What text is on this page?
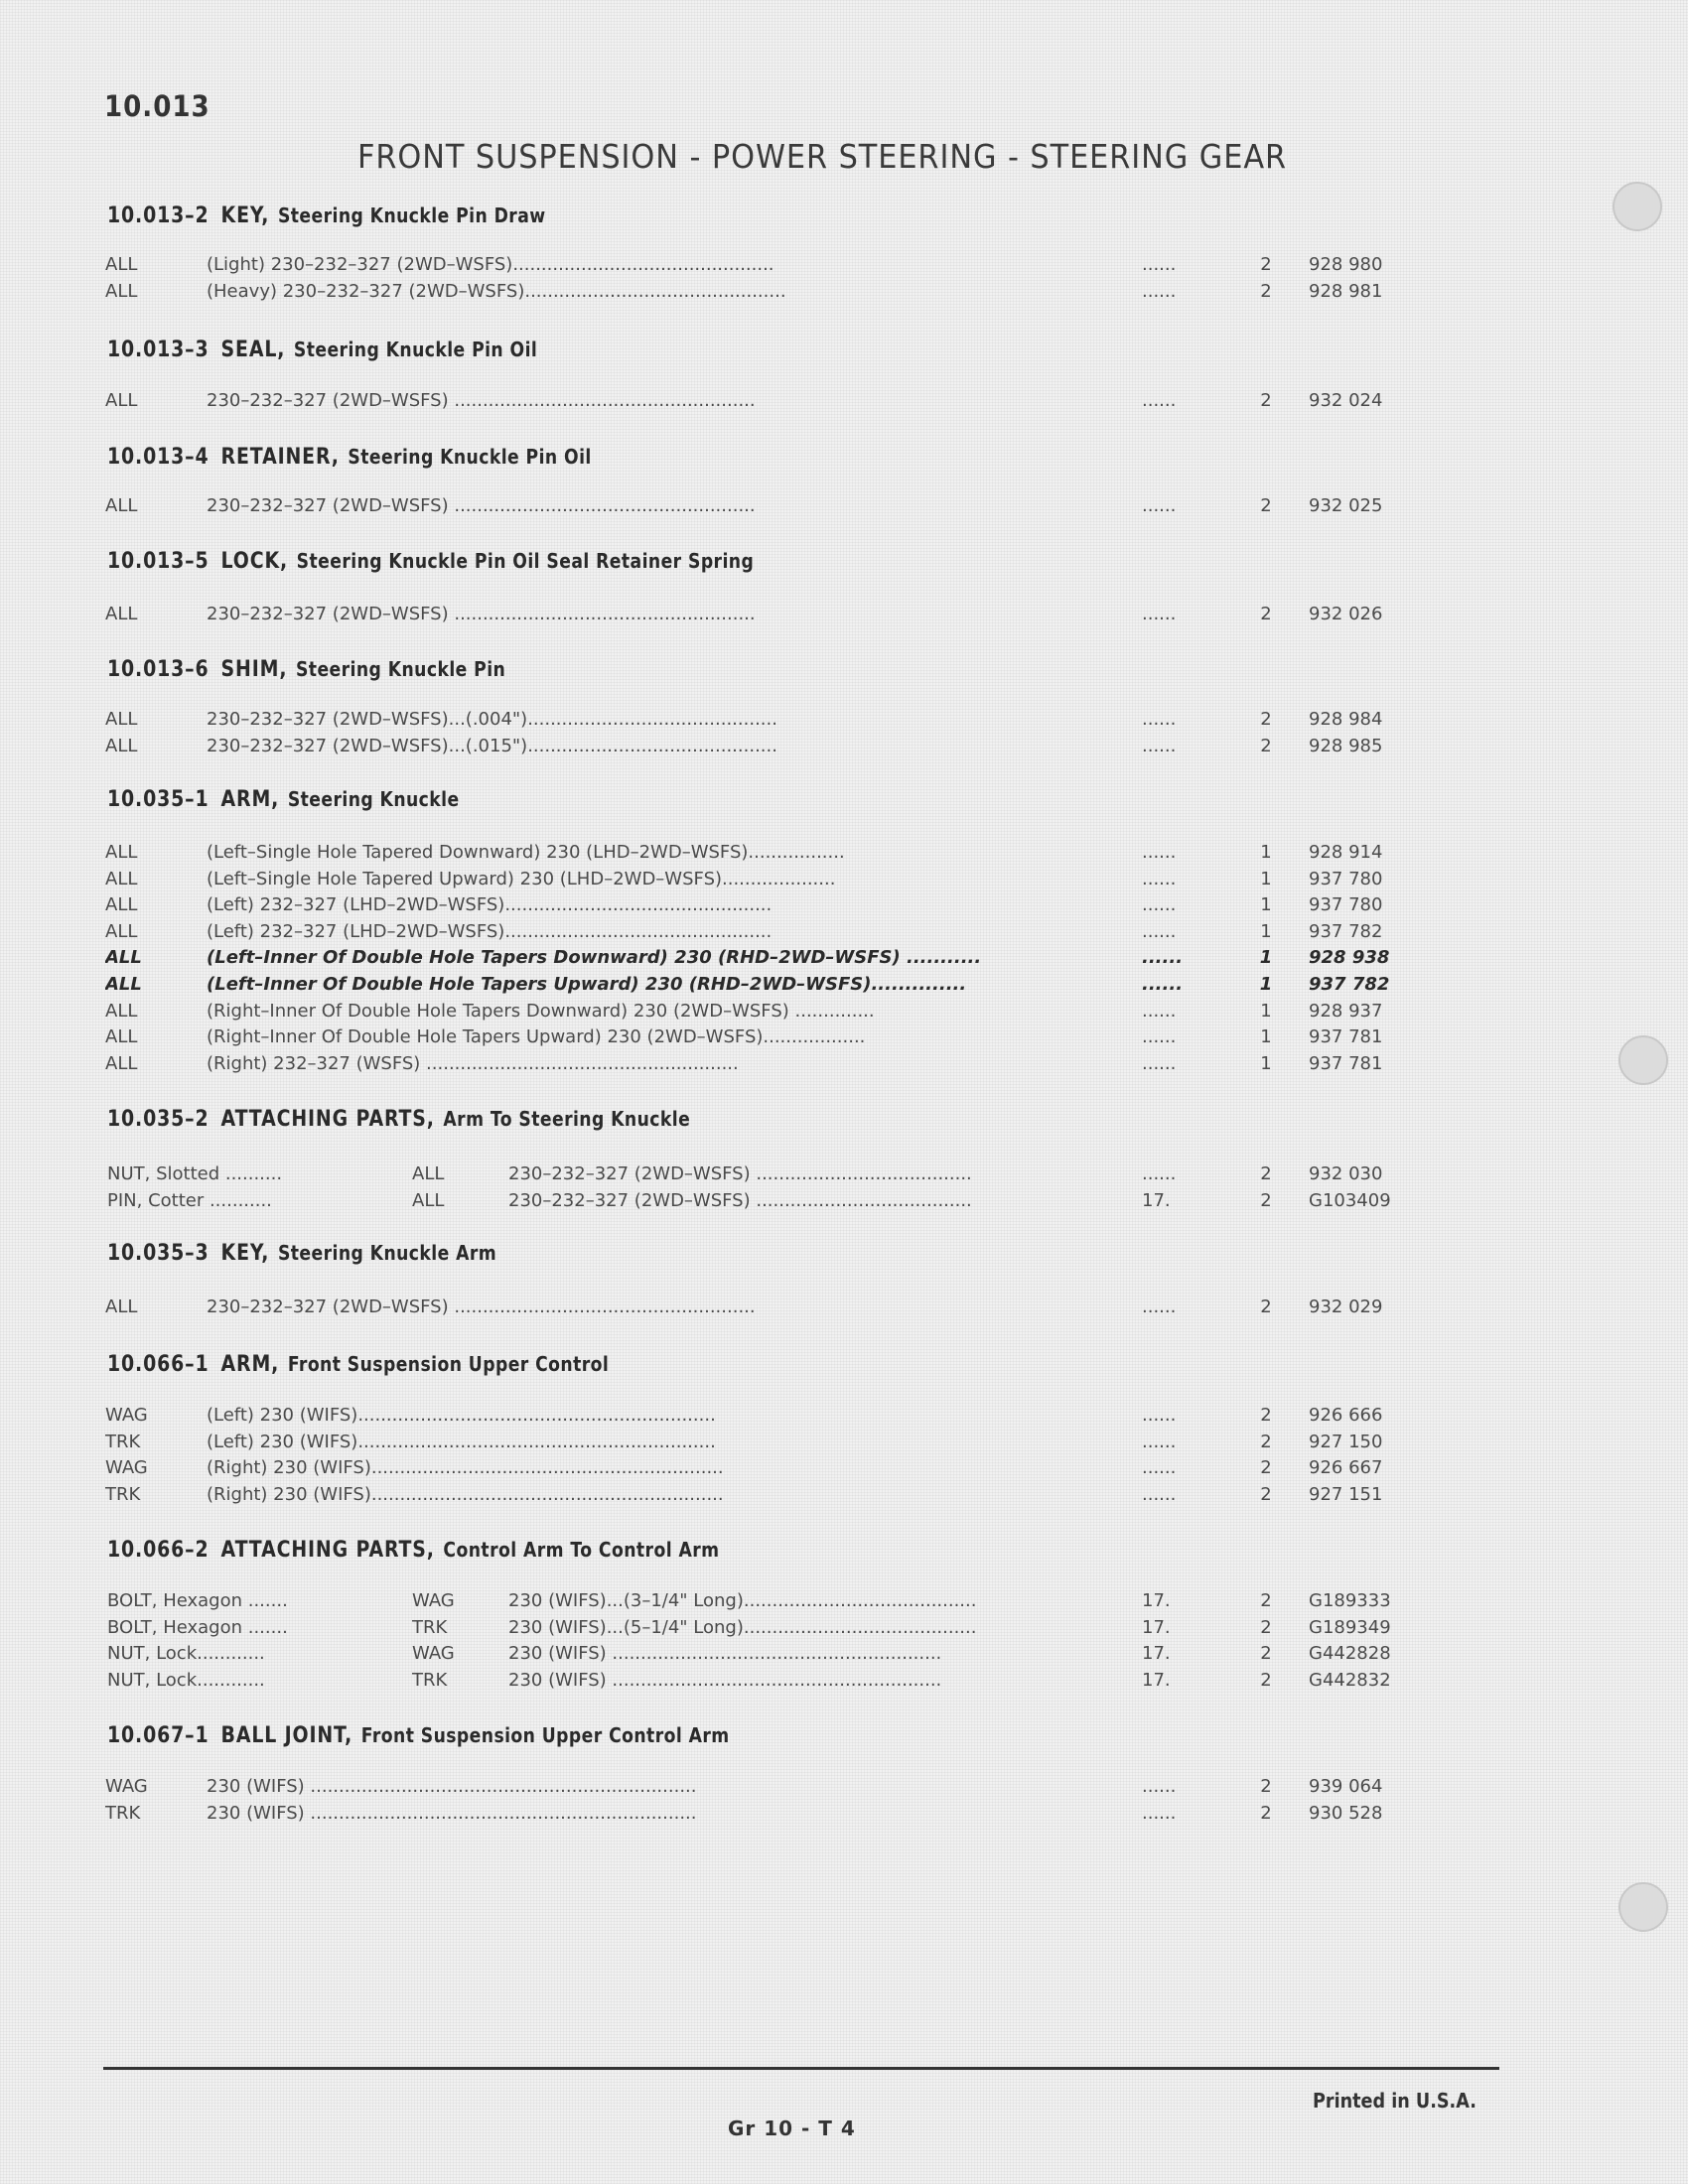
10.013
FRONT SUSPENSION - POWER STEERING - STEERING GEAR
10.013–2 KEY, Steering Knuckle Pin Draw
ALL	(Light) 230–232–327 (2WD–WSFS)..............................................	......	2	928 980
ALL	(Heavy) 230–232–327 (2WD–WSFS)..............................................	......	2	928 981
10.013–3 SEAL, Steering Knuckle Pin Oil
ALL	230–232–327 (2WD–WSFS) .....................................................	......	2	932 024
10.013–4 RETAINER, Steering Knuckle Pin Oil
ALL	230–232–327 (2WD–WSFS) .....................................................	......	2	932 025
10.013–5 LOCK, Steering Knuckle Pin Oil Seal Retainer Spring
ALL	230–232–327 (2WD–WSFS) .....................................................	......	2	932 026
10.013–6 SHIM, Steering Knuckle Pin
ALL	230–232–327 (2WD–WSFS)...(.004")............................................	......	2	928 984
ALL	230–232–327 (2WD–WSFS)...(.015")............................................	......	2	928 985
10.035–1 ARM, Steering Knuckle
ALL	(Left–Single Hole Tapered Downward) 230 (LHD–2WD–WSFS).................	......	1	928 914
ALL	(Left–Single Hole Tapered Upward) 230 (LHD–2WD–WSFS)....................	......	1	937 780
ALL	(Left) 232–327 (LHD–2WD–WSFS)...............................................	......	1	937 780
ALL	(Left) 232–327 (LHD–2WD–WSFS)...............................................	......	1	937 782
ALL	(Left–Inner Of Double Hole Tapers Downward) 230 (RHD–2WD–WSFS) ...........	......	1	928 938
ALL	(Left–Inner Of Double Hole Tapers Upward) 230 (RHD–2WD–WSFS)..............	......	1	937 782
ALL	(Right–Inner Of Double Hole Tapers Downward) 230 (2WD–WSFS) ..............	......	1	928 937
ALL	(Right–Inner Of Double Hole Tapers Upward) 230 (2WD–WSFS)..................	......	1	937 781
ALL	(Right) 232–327 (WSFS) .......................................................	......	1	937 781
10.035–2 ATTACHING PARTS, Arm To Steering Knuckle
NUT, Slotted ..........	ALL	230–232–327 (2WD–WSFS) ......................................	......	2	932 030
PIN, Cotter ...........	ALL	230–232–327 (2WD–WSFS) ......................................	17.	2	G103409
10.035–3 KEY, Steering Knuckle Arm
ALL	230–232–327 (2WD–WSFS) .....................................................	......	2	932 029
10.066–1 ARM, Front Suspension Upper Control
WAG	(Left) 230 (WIFS)...............................................................	......	2	926 666
TRK	(Left) 230 (WIFS)...............................................................	......	2	927 150
WAG	(Right) 230 (WIFS)..............................................................	......	2	926 667
TRK	(Right) 230 (WIFS)..............................................................	......	2	927 151
10.066–2 ATTACHING PARTS, Control Arm To Control Arm
BOLT, Hexagon .......	WAG	230 (WIFS)...(3–1/4" Long).........................................	17.	2	G189333
BOLT, Hexagon .......	TRK	230 (WIFS)...(5–1/4" Long).........................................	17.	2	G189349
NUT, Lock............	WAG	230 (WIFS) ..........................................................	17.	2	G442828
NUT, Lock............	TRK	230 (WIFS) ..........................................................	17.	2	G442832
10.067–1 BALL JOINT, Front Suspension Upper Control Arm
WAG	230 (WIFS) ....................................................................	......	2	939 064
TRK	230 (WIFS) ....................................................................	......	2	930 528
Printed in U.S.A.
Gr 10 - T 4
